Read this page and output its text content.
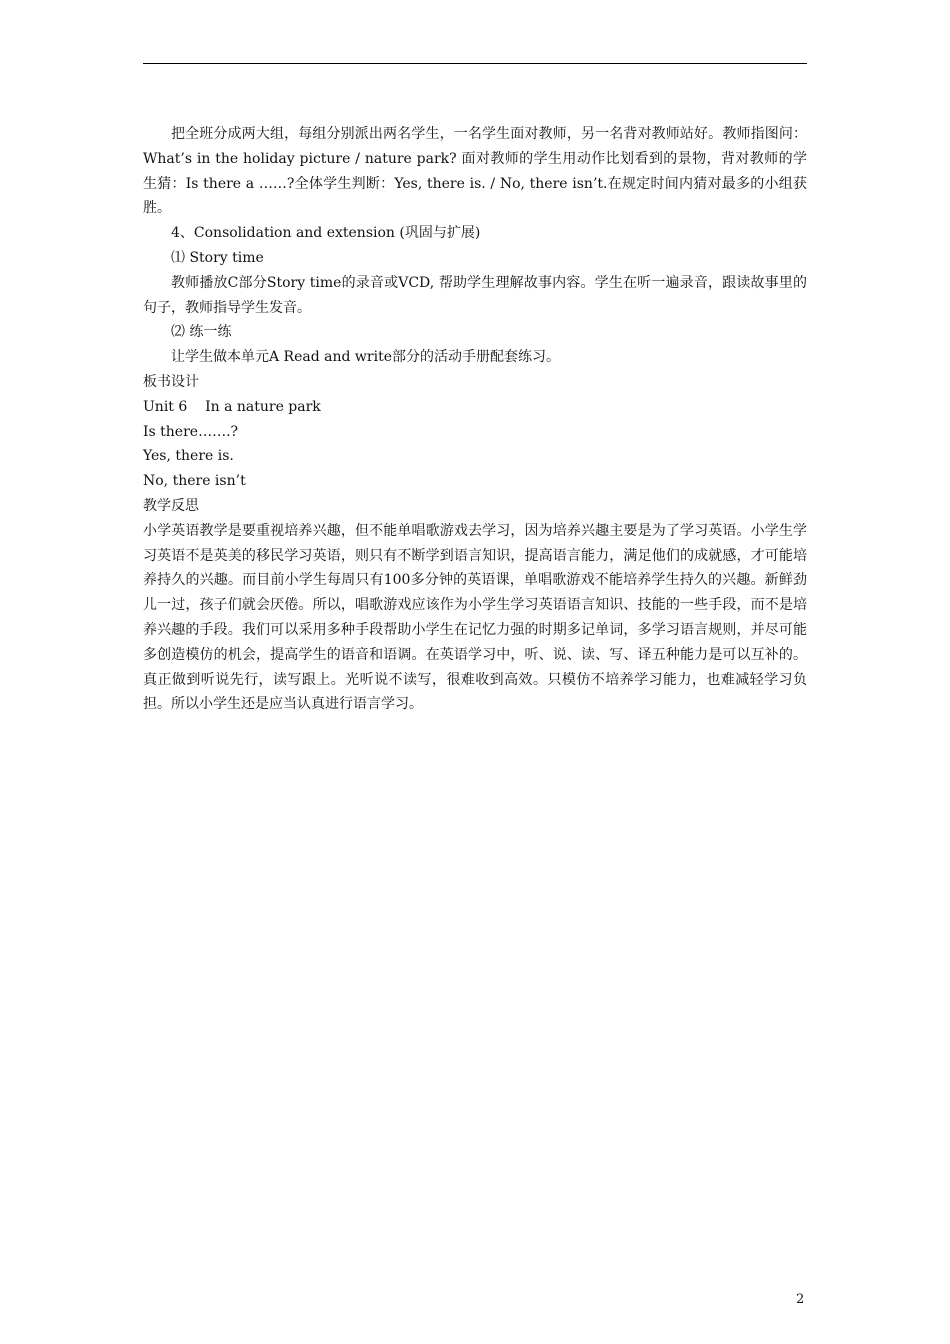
把全班分成两大组，每组分别派出两名学生，一名学生面对教师，另一名背对教师站好。教师指图问：What’s in the holiday picture / nature park? 面对教师的学生用动作比划看到的景物，背对教师的学生猜：Is there a ……?全体学生判断：Yes, there is. / No, there isn’t.在规定时间内猜对最多的小组获胜。

4、Consolidation and extension (巩固与扩展)

⑴ Story time

教师播放C部分Story time的录音或VCD, 帮助学生理解故事内容。学生在听一遍录音，跟读故事里的句子，教师指导学生发音。

⑵ 练一练

让学生做本单元A Read and write部分的活动手册配套练习。

板书设计

Unit 6    In a nature park

Is there…….?

Yes, there is.

No, there isn’t

教学反思

小学英语教学是要重视培养兴趣，但不能单唱歌游戏去学习，因为培养兴趣主要是为了学习英语。小学生学习英语不是英美的移民学习英语，则只有不断学到语言知识，提高语言能力，满足他们的成就感，才可能培养持久的兴趣。而目前小学生每周只有100多分钟的英语课，单唱歌游戏不能培养学生持久的兴趣。新鲜劲儿一过，孩子们就会厌倦。所以，唱歌游戏应该作为小学生学习英语语言知识、技能的一些手段，而不是培养兴趣的手段。我们可以采用多种手段帮助小学生在记忆力强的时期多记单词，多学习语言规则，并尽可能多创造模仿的机会，提高学生的语音和语调。在英语学习中，听、说、读、写、译五种能力是可以互补的。真正做到听说先行，读写跟上。光听说不读写，很难收到高效。只模仿不培养学习能力，也难减轻学习负担。所以小学生还是应当认真进行语言学习。

2
